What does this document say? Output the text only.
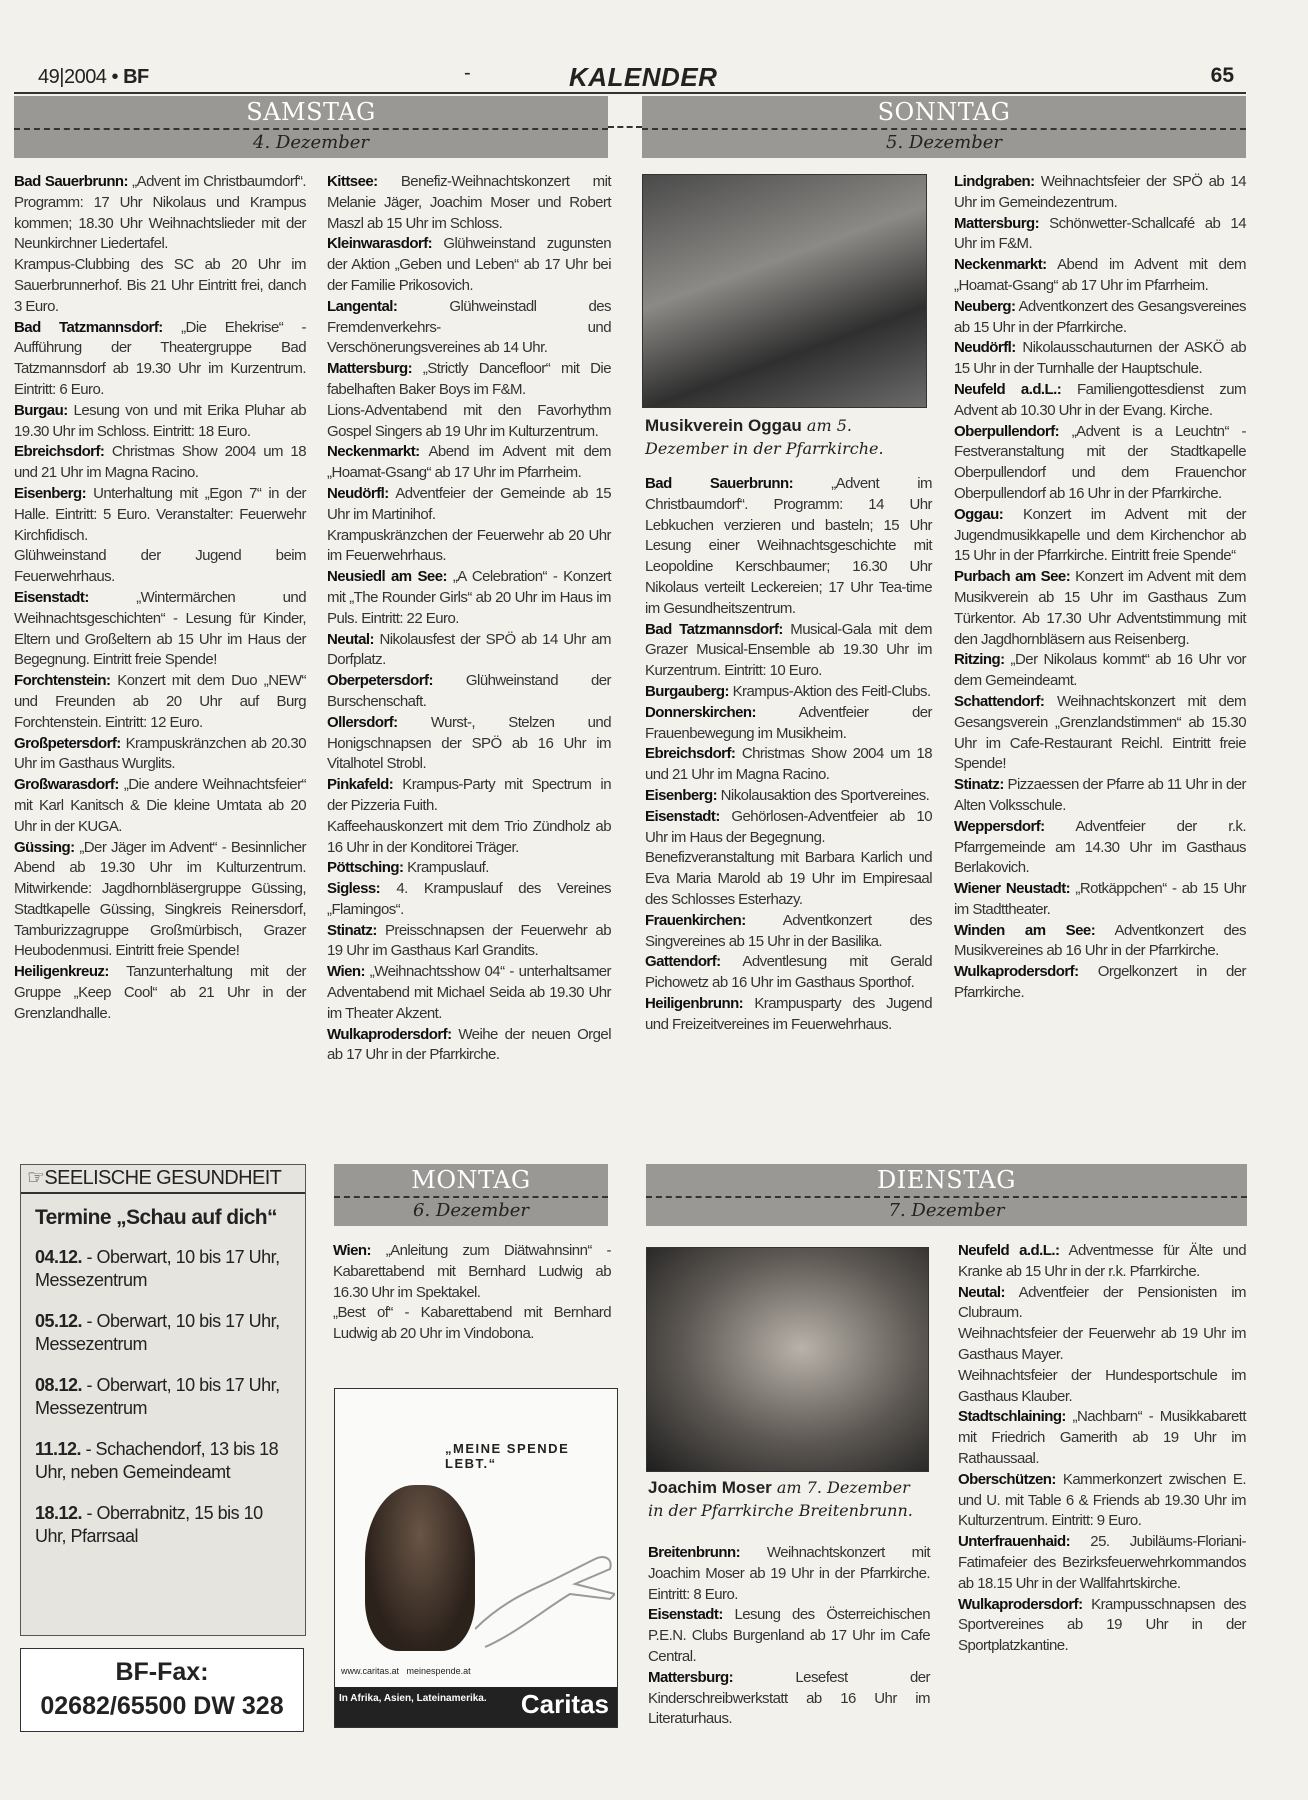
49|2004 • BF	-	KALENDER	65
SAMSTAG
4. Dezember
SONNTAG
5. Dezember

Bad Sauerbrunn: „Advent im Christbaumdorf“. Programm: 17 Uhr Nikolaus und Krampus kommen; 18.30 Uhr Weihnachtslieder mit der Neunkirchner Liedertafel.

Krampus-Clubbing des SC ab 20 Uhr im Sauerbrunnerhof. Bis 21 Uhr Eintritt frei, danch 3 Euro.

Bad Tatzmannsdorf: „Die Ehekrise“ - Aufführung der Theatergruppe Bad Tatzmannsdorf ab 19.30 Uhr im Kurzentrum. Eintritt: 6 Euro.

Burgau: Lesung von und mit Erika Pluhar ab 19.30 Uhr im Schloss. Eintritt: 18 Euro.

Ebreichsdorf: Christmas Show 2004 um 18 und 21 Uhr im Magna Racino.

Eisenberg: Unterhaltung mit „Egon 7“ in der Halle. Eintritt: 5 Euro. Veranstalter: Feuerwehr Kirchfidisch.

Glühweinstand der Jugend beim Feuerwehrhaus.

Eisenstadt: „Wintermärchen und Weihnachtsgeschichten“ - Lesung für Kinder, Eltern und Großeltern ab 15 Uhr im Haus der Begegnung. Eintritt freie Spende!

Forchtenstein: Konzert mit dem Duo „NEW“ und Freunden ab 20 Uhr auf Burg Forchtenstein. Eintritt: 12 Euro.

Großpetersdorf: Krampuskränzchen ab 20.30 Uhr im Gasthaus Wurglits.

Großwarasdorf: „Die andere Weihnachtsfeier“ mit Karl Kanitsch & Die kleine Umtata ab 20 Uhr in der KUGA.

Güssing: „Der Jäger im Advent“ - Besinnlicher Abend ab 19.30 Uhr im Kulturzentrum. Mitwirkende: Jagdhornbläsergruppe Güssing, Stadtkapelle Güssing, Singkreis Reinersdorf, Tamburizzagruppe Großmürbisch, Grazer Heubodenmusi. Eintritt freie Spende!

Heiligenkreuz: Tanzunterhaltung mit der Gruppe „Keep Cool“ ab 21 Uhr in der Grenzlandhalle.

Kittsee: Benefiz-Weihnachtskonzert mit Melanie Jäger, Joachim Moser und Robert Maszl ab 15 Uhr im Schloss.

Kleinwarasdorf: Glühweinstand zugunsten der Aktion „Geben und Leben“ ab 17 Uhr bei der Familie Prikosovich.

Langental: Glühweinstadl des Fremdenverkehrs- und Verschönerungsvereines ab 14 Uhr.

Mattersburg: „Strictly Dancefloor“ mit Die fabelhaften Baker Boys im F&M.

Lions-Adventabend mit den Favorhythm Gospel Singers ab 19 Uhr im Kulturzentrum.

Neckenmarkt: Abend im Advent mit dem „Hoamat-Gsang“ ab 17 Uhr im Pfarrheim.

Neudörfl: Adventfeier der Gemeinde ab 15 Uhr im Martinihof.

Krampuskränzchen der Feuerwehr ab 20 Uhr im Feuerwehrhaus.

Neusiedl am See: „A Celebration“ - Konzert mit „The Rounder Girls“ ab 20 Uhr im Haus im Puls. Eintritt: 22 Euro.

Neutal: Nikolausfest der SPÖ ab 14 Uhr am Dorfplatz.

Oberpetersdorf: Glühweinstand der Burschenschaft.

Ollersdorf: Wurst-, Stelzen und Honigschnapsen der SPÖ ab 16 Uhr im Vitalhotel Strobl.

Pinkafeld: Krampus-Party mit Spectrum in der Pizzeria Fuith.

Kaffeehauskonzert mit dem Trio Zündholz ab 16 Uhr in der Konditorei Träger.

Pöttsching: Krampuslauf.

Sigless: 4. Krampuslauf des Vereines „Flamingos“.

Stinatz: Preisschnapsen der Feuerwehr ab 19 Uhr im Gasthaus Karl Grandits.

Wien: „Weihnachtsshow 04“ - unterhaltsamer Adventabend mit Michael Seida ab 19.30 Uhr im Theater Akzent.

Wulkaprodersdorf: Weihe der neuen Orgel ab 17 Uhr in der Pfarrkirche.

Musikverein Oggau am 5. Dezember in der Pfarrkirche.

Bad Sauerbrunn: „Advent im Christbaumdorf“. Programm: 14 Uhr Lebkuchen verzieren und basteln; 15 Uhr Lesung einer Weihnachtsgeschichte mit Leopoldine Kerschbaumer; 16.30 Uhr Nikolaus verteilt Leckereien; 17 Uhr Tea-time im Gesundheitszentrum.

Bad Tatzmannsdorf: Musical-Gala mit dem Grazer Musical-Ensemble ab 19.30 Uhr im Kurzentrum. Eintritt: 10 Euro.

Burgauberg: Krampus-Aktion des Feitl-Clubs.

Donnerskirchen: Adventfeier der Frauenbewegung im Musikheim.

Ebreichsdorf: Christmas Show 2004 um 18 und 21 Uhr im Magna Racino.

Eisenberg: Nikolausaktion des Sportvereines.

Eisenstadt: Gehörlosen-Adventfeier ab 10 Uhr im Haus der Begegnung.

Benefizveranstaltung mit Barbara Karlich und Eva Maria Marold ab 19 Uhr im Empiresaal des Schlosses Esterhazy.

Frauenkirchen: Adventkonzert des Singvereines ab 15 Uhr in der Basilika.

Gattendorf: Adventlesung mit Gerald Pichowetz ab 16 Uhr im Gasthaus Sporthof.

Heiligenbrunn: Krampusparty des Jugend und Freizeitvereines im Feuerwehrhaus.

Lindgraben: Weihnachtsfeier der SPÖ ab 14 Uhr im Gemeindezentrum.

Mattersburg: Schönwetter-Schallcafé ab 14 Uhr im F&M.

Neckenmarkt: Abend im Advent mit dem „Hoamat-Gsang“ ab 17 Uhr im Pfarrheim.

Neuberg: Adventkonzert des Gesangsvereines ab 15 Uhr in der Pfarrkirche.

Neudörfl: Nikolausschauturnen der ASKÖ ab 15 Uhr in der Turnhalle der Hauptschule.

Neufeld a.d.L.: Familiengottesdienst zum Advent ab 10.30 Uhr in der Evang. Kirche.

Oberpullendorf: „Advent is a Leuchtn“ - Festveranstaltung mit der Stadtkapelle Oberpullendorf und dem Frauenchor Oberpullendorf ab 16 Uhr in der Pfarrkirche.

Oggau: Konzert im Advent mit der Jugendmusikkapelle und dem Kirchenchor ab 15 Uhr in der Pfarrkirche. Eintritt freie Spende“

Purbach am See: Konzert im Advent mit dem Musikverein ab 15 Uhr im Gasthaus Zum Türkentor. Ab 17.30 Uhr Adventstimmung mit den Jagdhornbläsern aus Reisenberg.

Ritzing: „Der Nikolaus kommt“ ab 16 Uhr vor dem Gemeindeamt.

Schattendorf: Weihnachtskonzert mit dem Gesangsverein „Grenzlandstimmen“ ab 15.30 Uhr im Cafe-Restaurant Reichl. Eintritt freie Spende!

Stinatz: Pizzaessen der Pfarre ab 11 Uhr in der Alten Volksschule.

Weppersdorf: Adventfeier der r.k. Pfarrgemeinde am 14.30 Uhr im Gasthaus Berlakovich.

Wiener Neustadt: „Rotkäppchen“ - ab 15 Uhr im Stadttheater.

Winden am See: Adventkonzert des Musikvereines ab 16 Uhr in der Pfarrkirche.

Wulkaprodersdorf: Orgelkonzert in der Pfarrkirche.

☞SEELISCHE GESUNDHEIT
Termine „Schau auf dich“
04.12. - Oberwart, 10 bis 17 Uhr, Messezentrum
05.12. - Oberwart, 10 bis 17 Uhr, Messezentrum
08.12. - Oberwart, 10 bis 17 Uhr, Messezentrum
11.12. - Schachendorf, 13 bis 18 Uhr, neben Gemeindeamt
18.12. - Oberrabnitz, 15 bis 10 Uhr, Pfarrsaal
BF-Fax:
02682/65500 DW 328
MONTAG
6. Dezember

Wien: „Anleitung zum Diätwahnsinn“ - Kabarettabend mit Bernhard Ludwig ab 16.30 Uhr im Spektakel.

„Best of“ - Kabarettabend mit Bernhard Ludwig ab 20 Uhr im Vindobona.

„MEINE SPENDE LEBT.“
www.caritas.at meinespende.at
In Afrika, Asien, Lateinamerika. Caritas
DIENSTAG
7. Dezember
Joachim Moser am 7. Dezember in der Pfarrkirche Breitenbrunn.

Breitenbrunn: Weihnachtskonzert mit Joachim Moser ab 19 Uhr in der Pfarrkirche. Eintritt: 8 Euro.

Eisenstadt: Lesung des Österreichischen P.E.N. Clubs Burgenland ab 17 Uhr im Cafe Central.

Mattersburg: Lesefest der Kinderschreibwerkstatt ab 16 Uhr im Literaturhaus.

Neufeld a.d.L.: Adventmesse für Älte und Kranke ab 15 Uhr in der r.k. Pfarrkirche.

Neutal: Adventfeier der Pensionisten im Clubraum.

Weihnachtsfeier der Feuerwehr ab 19 Uhr im Gasthaus Mayer.

Weihnachtsfeier der Hundesportschule im Gasthaus Klauber.

Stadtschlaining: „Nachbarn“ - Musikkabarett mit Friedrich Gamerith ab 19 Uhr im Rathaussaal.

Oberschützen: Kammerkonzert zwischen E. und U. mit Table 6 & Friends ab 19.30 Uhr im Kulturzentrum. Eintritt: 9 Euro.

Unterfrauenhaid: 25. Jubiläums-Floriani-Fatimafeier des Bezirksfeuerwehrkommandos ab 18.15 Uhr in der Wallfahrtskirche.

Wulkaprodersdorf: Krampusschnapsen des Sportvereines ab 19 Uhr in der Sportplatzkantine.
